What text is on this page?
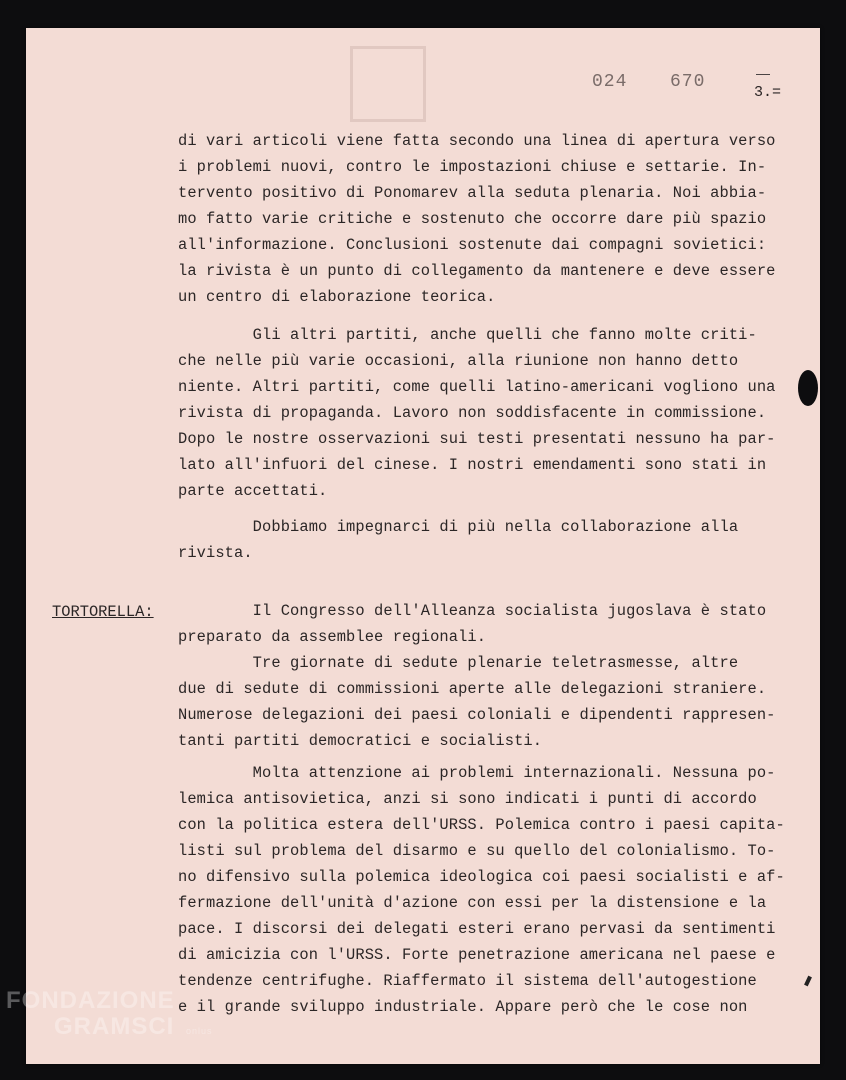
024 670
3.=
TORTORELLA:
di vari articoli viene fatta secondo una linea di apertura verso
i problemi nuovi, contro le impostazioni chiuse e settarie. In-
tervento positivo di Ponomarev alla seduta plenaria. Noi abbia-
mo fatto varie critiche e sostenuto che occorre dare più spazio
all'informazione. Conclusioni sostenute dai compagni sovietici:
la rivista è un punto di collegamento da mantenere e deve essere
un centro di elaborazione teorica.
Gli altri partiti, anche quelli che fanno molte criti-
che nelle più varie occasioni, alla riunione non hanno detto
niente. Altri partiti, come quelli latino-americani vogliono una
rivista di propaganda. Lavoro non soddisfacente in commissione.
Dopo le nostre osservazioni sui testi presentati nessuno ha par-
lato all'infuori del cinese. I nostri emendamenti sono stati in
parte accettati.
Dobbiamo impegnarci di più nella collaborazione alla
rivista.
Il Congresso dell'Alleanza socialista jugoslava è stato
preparato da assemblee regionali.
Tre giornate di sedute plenarie teletrasmesse, altre
due di sedute di commissioni aperte alle delegazioni straniere.
Numerose delegazioni dei paesi coloniali e dipendenti rappresen-
tanti partiti democratici e socialisti.
Molta attenzione ai problemi internazionali. Nessuna po-
lemica antisovietica, anzi si sono indicati i punti di accordo
con la politica estera dell'URSS. Polemica contro i paesi capita-
listi sul problema del disarmo e su quello del colonialismo. To-
no difensivo sulla polemica ideologica coi paesi socialisti e af-
fermazione dell'unità d'azione con essi per la distensione e la
pace. I discorsi dei delegati esteri erano pervasi da sentimenti
di amicizia con l'URSS. Forte penetrazione americana nel paese e
tendenze centrifughe. Riaffermato il sistema dell'autogestione
e il grande sviluppo industriale. Appare però che le cose non
FONDAZIONE
GRAMSCI onlus
